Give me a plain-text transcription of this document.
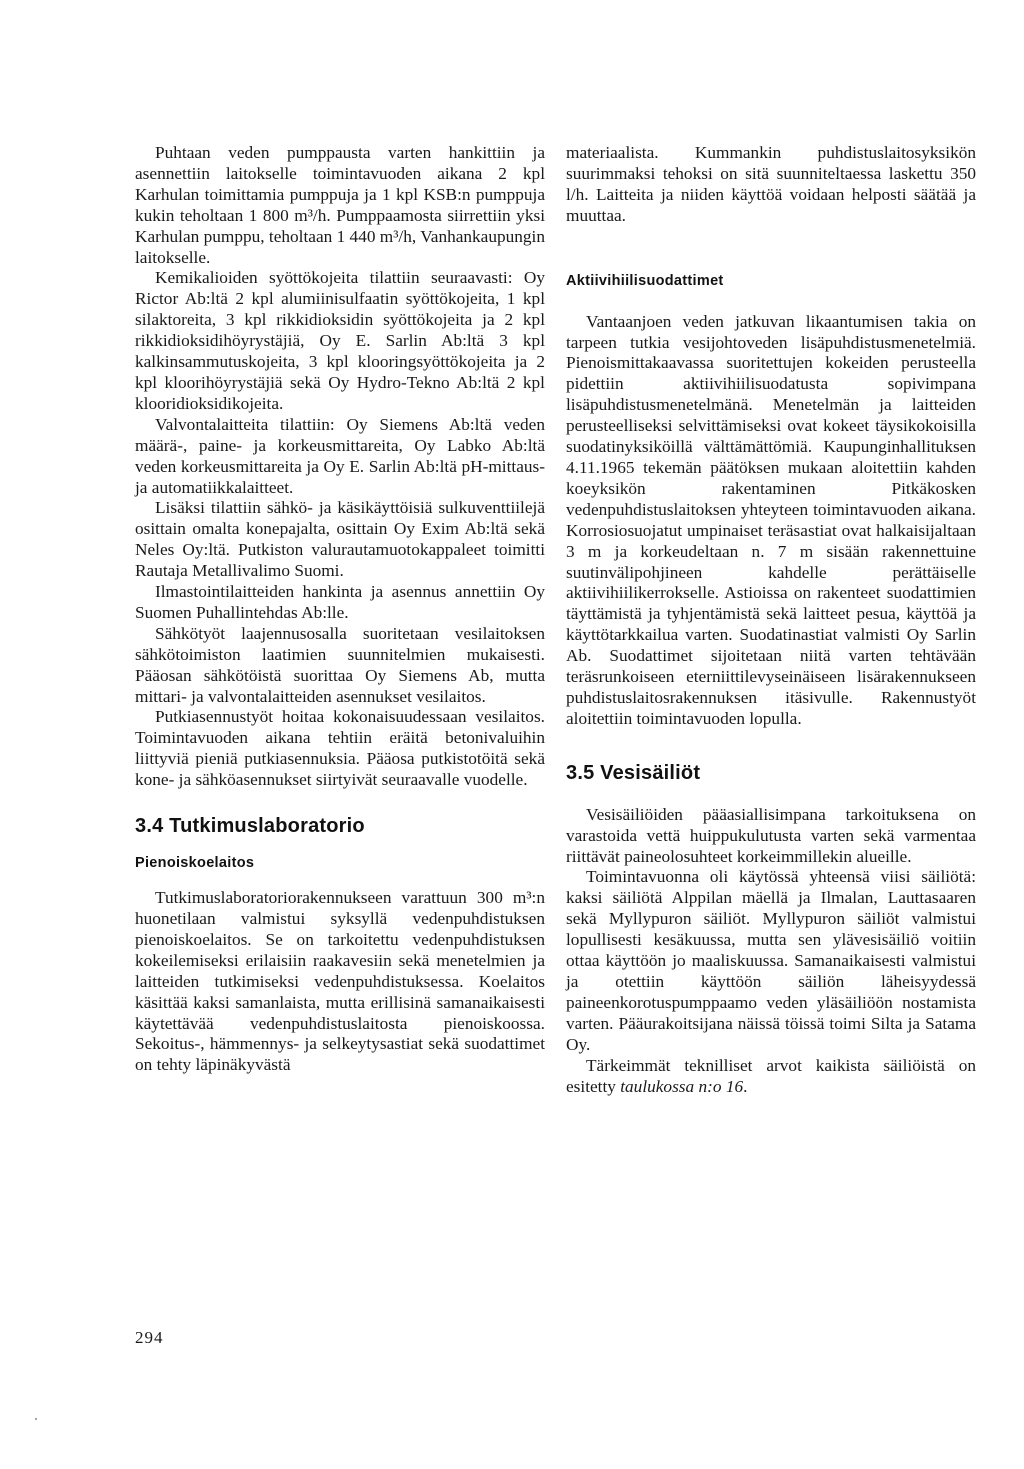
Puhtaan veden pumppausta varten hankittiin ja asennettiin laitokselle toimintavuoden aikana 2 kpl Karhulan toimittamia pumppuja ja 1 kpl KSB:n pumppuja kukin teholtaan 1 800 m³/h. Pumppaamosta siirrettiin yksi Karhulan pumppu, teholtaan 1 440 m³/h, Vanhankaupungin laitokselle.

Kemikalioiden syöttökojeita tilattiin seuraavasti: Oy Rictor Ab:ltä 2 kpl alumiinisulfaatin syöttökojeita, 1 kpl silaktoreita, 3 kpl rikkidioksidin syöttökojeita ja 2 kpl rikkidioksidihöyrystäjiä, Oy E. Sarlin Ab:ltä 3 kpl kalkinsammutuskojeita, 3 kpl klooringsyöttökojeita ja 2 kpl kloorihöyrystäjiä sekä Oy Hydro-Tekno Ab:ltä 2 kpl klooridioksidikojeita.

Valvontalaitteita tilattiin: Oy Siemens Ab:ltä veden määrä-, paine- ja korkeusmittareita, Oy Labko Ab:ltä veden korkeusmittareita ja Oy E. Sarlin Ab:ltä pH-mittaus- ja automatiikkalaitteet.

Lisäksi tilattiin sähkö- ja käsikäyttöisiä sulkuventtiilejä osittain omalta konepajalta, osittain Oy Exim Ab:ltä sekä Neles Oy:ltä. Putkiston valurautamuotokappaleet toimitti Rautaja Metallivalimo Suomi.

Ilmastointilaitteiden hankinta ja asennus annettiin Oy Suomen Puhallintehdas Ab:lle.

Sähkötyöt laajennusosalla suoritetaan vesilaitoksen sähkötoimiston laatimien suunnitelmien mukaisesti. Pääosan sähkötöistä suorittaa Oy Siemens Ab, mutta mittari- ja valvontalaitteiden asennukset vesilaitos.

Putkiasennustyöt hoitaa kokonaisuudessaan vesilaitos. Toimintavuoden aikana tehtiin eräitä betonivaluihin liittyviä pieniä putkiasennuksia. Pääosa putkistotöitä sekä kone- ja sähköasennukset siirtyivät seuraavalle vuodelle.

3.4 Tutkimuslaboratorio
Pienoiskoelaitos

Tutkimuslaboratoriorakennukseen varattuun 300 m³:n huonetilaan valmistui syksyllä vedenpuhdistuksen pienoiskoelaitos. Se on tarkoitettu vedenpuhdistuksen kokeilemiseksi erilaisiin raakavesiin sekä menetelmien ja laitteiden tutkimiseksi vedenpuhdistuksessa. Koelaitos käsittää kaksi samanlaista, mutta erillisinä samanaikaisesti käytettävää vedenpuhdistuslaitosta pienoiskoossa. Sekoitus-, hämmennys- ja selkeytysastiat sekä suodattimet on tehty läpinäkyvästä

materiaalista. Kummankin puhdistuslaitosyksikön suurimmaksi tehoksi on sitä suunniteltaessa laskettu 350 l/h. Laitteita ja niiden käyttöä voidaan helposti säätää ja muuttaa.

Aktiivihiilisuodattimet

Vantaanjoen veden jatkuvan likaantumisen takia on tarpeen tutkia vesijohtoveden lisäpuhdistusmenetelmiä. Pienoismittakaavassa suoritettujen kokeiden perusteella pidettiin aktiivihiilisuodatusta sopivimpana lisäpuhdistusmenetelmänä. Menetelmän ja laitteiden perusteelliseksi selvittämiseksi ovat kokeet täysikokoisilla suodatinyksiköillä välttämättömiä. Kaupunginhallituksen 4.11.1965 tekemän päätöksen mukaan aloitettiin kahden koeyksikön rakentaminen Pitkäkosken vedenpuhdistuslaitoksen yhteyteen toimintavuoden aikana. Korrosiosuojatut umpinaiset teräsastiat ovat halkaisijaltaan 3 m ja korkeudeltaan n. 7 m sisään rakennettuine suutinvälipohjineen kahdelle perättäiselle aktiivihiilikerrokselle. Astioissa on rakenteet suodattimien täyttämistä ja tyhjentämistä sekä laitteet pesua, käyttöä ja käyttötarkkailua varten. Suodatinastiat valmisti Oy Sarlin Ab. Suodattimet sijoitetaan niitä varten tehtävään teräsrunkoiseen eterniittilevyseinäiseen lisärakennukseen puhdistuslaitosrakennuksen itäsivulle. Rakennustyöt aloitettiin toimintavuoden lopulla.

3.5 Vesisäiliöt

Vesisäiliöiden pääasiallisimpana tarkoituksena on varastoida vettä huippukulutusta varten sekä varmentaa riittävät paineolosuhteet korkeimmillekin alueille.

Toimintavuonna oli käytössä yhteensä viisi säiliötä: kaksi säiliötä Alppilan mäellä ja Ilmalan, Lauttasaaren sekä Myllypuron säiliöt. Myllypuron säiliöt valmistui lopullisesti kesäkuussa, mutta sen ylävesisäiliö voitiin ottaa käyttöön jo maaliskuussa. Samanaikaisesti valmistui ja otettiin käyttöön säiliön läheisyydessä paineenkorotuspumppaamo veden yläsäiliöön nostamista varten. Pääurakoitsijana näissä töissä toimi Silta ja Satama Oy.

Tärkeimmät teknilliset arvot kaikista säiliöistä on esitetty taulukossa n:o 16.

294
